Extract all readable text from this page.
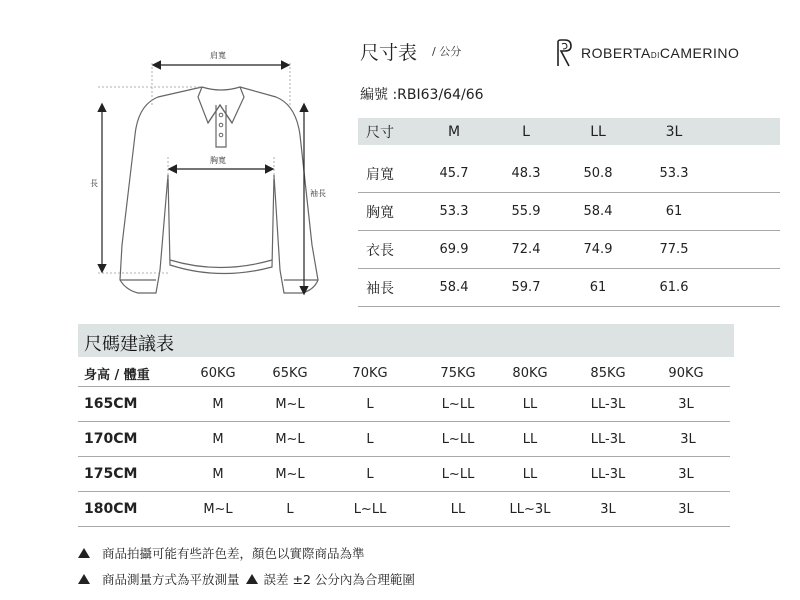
尺寸表 / 公分	ROBERTADICAMERINO
編號 :RBI63/64/66
肩寬
胸寬
長
袖長
尺寸	M	L	LL	3L
肩寬	45.7	48.3	50.8	53.3
胸寬	53.3	55.9	58.4	61
衣長	69.9	72.4	74.9	77.5
袖長	58.4	59.7	61	61.6
尺碼建議表
身高 / 體重	60KG	65KG	70KG	75KG	80KG	85KG	90KG
165CM	M	M~L	L	L~LL	LL	LL-3L	3L
170CM	M	M~L	L	L~LL	LL	LL-3L	3L
175CM	M	M~L	L	L~LL	LL	LL-3L	3L
180CM	M~L	L	L~LL	LL	LL~3L	3L	3L
商品拍攝可能有些許色差，顏色以實際商品為準
商品測量方式為平放測量 誤差 ±2 公分內為合理範圍
